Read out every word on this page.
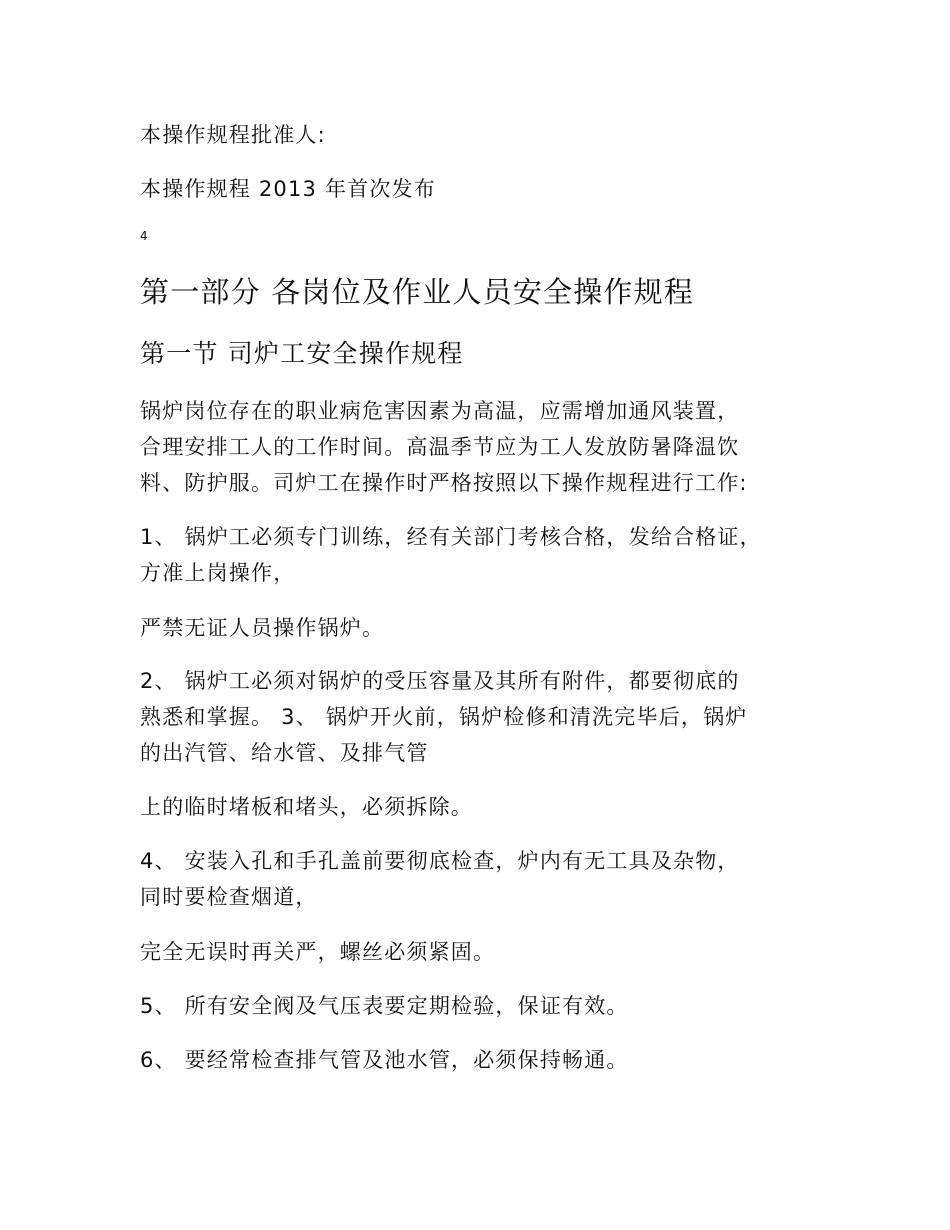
本操作规程批准人:
本操作规程 2013 年首次发布
4
第一部分 各岗位及作业人员安全操作规程
第一节 司炉工安全操作规程
锅炉岗位存在的职业病危害因素为高温，应需增加通风装置，
合理安排工人的工作时间。高温季节应为工人发放防暑降温饮
料、防护服。司炉工在操作时严格按照以下操作规程进行工作:
1、 锅炉工必须专门训练，经有关部门考核合格，发给合格证，
方准上岗操作，
严禁无证人员操作锅炉。
2、 锅炉工必须对锅炉的受压容量及其所有附件，都要彻底的
熟悉和掌握。 3、 锅炉开火前，锅炉检修和清洗完毕后，锅炉
的出汽管、给水管、及排气管
上的临时堵板和堵头，必须拆除。
4、 安装入孔和手孔盖前要彻底检查，炉内有无工具及杂物，
同时要检查烟道，
完全无误时再关严，螺丝必须紧固。
5、 所有安全阀及气压表要定期检验，保证有效。
6、 要经常检查排气管及池水管，必须保持畅通。
